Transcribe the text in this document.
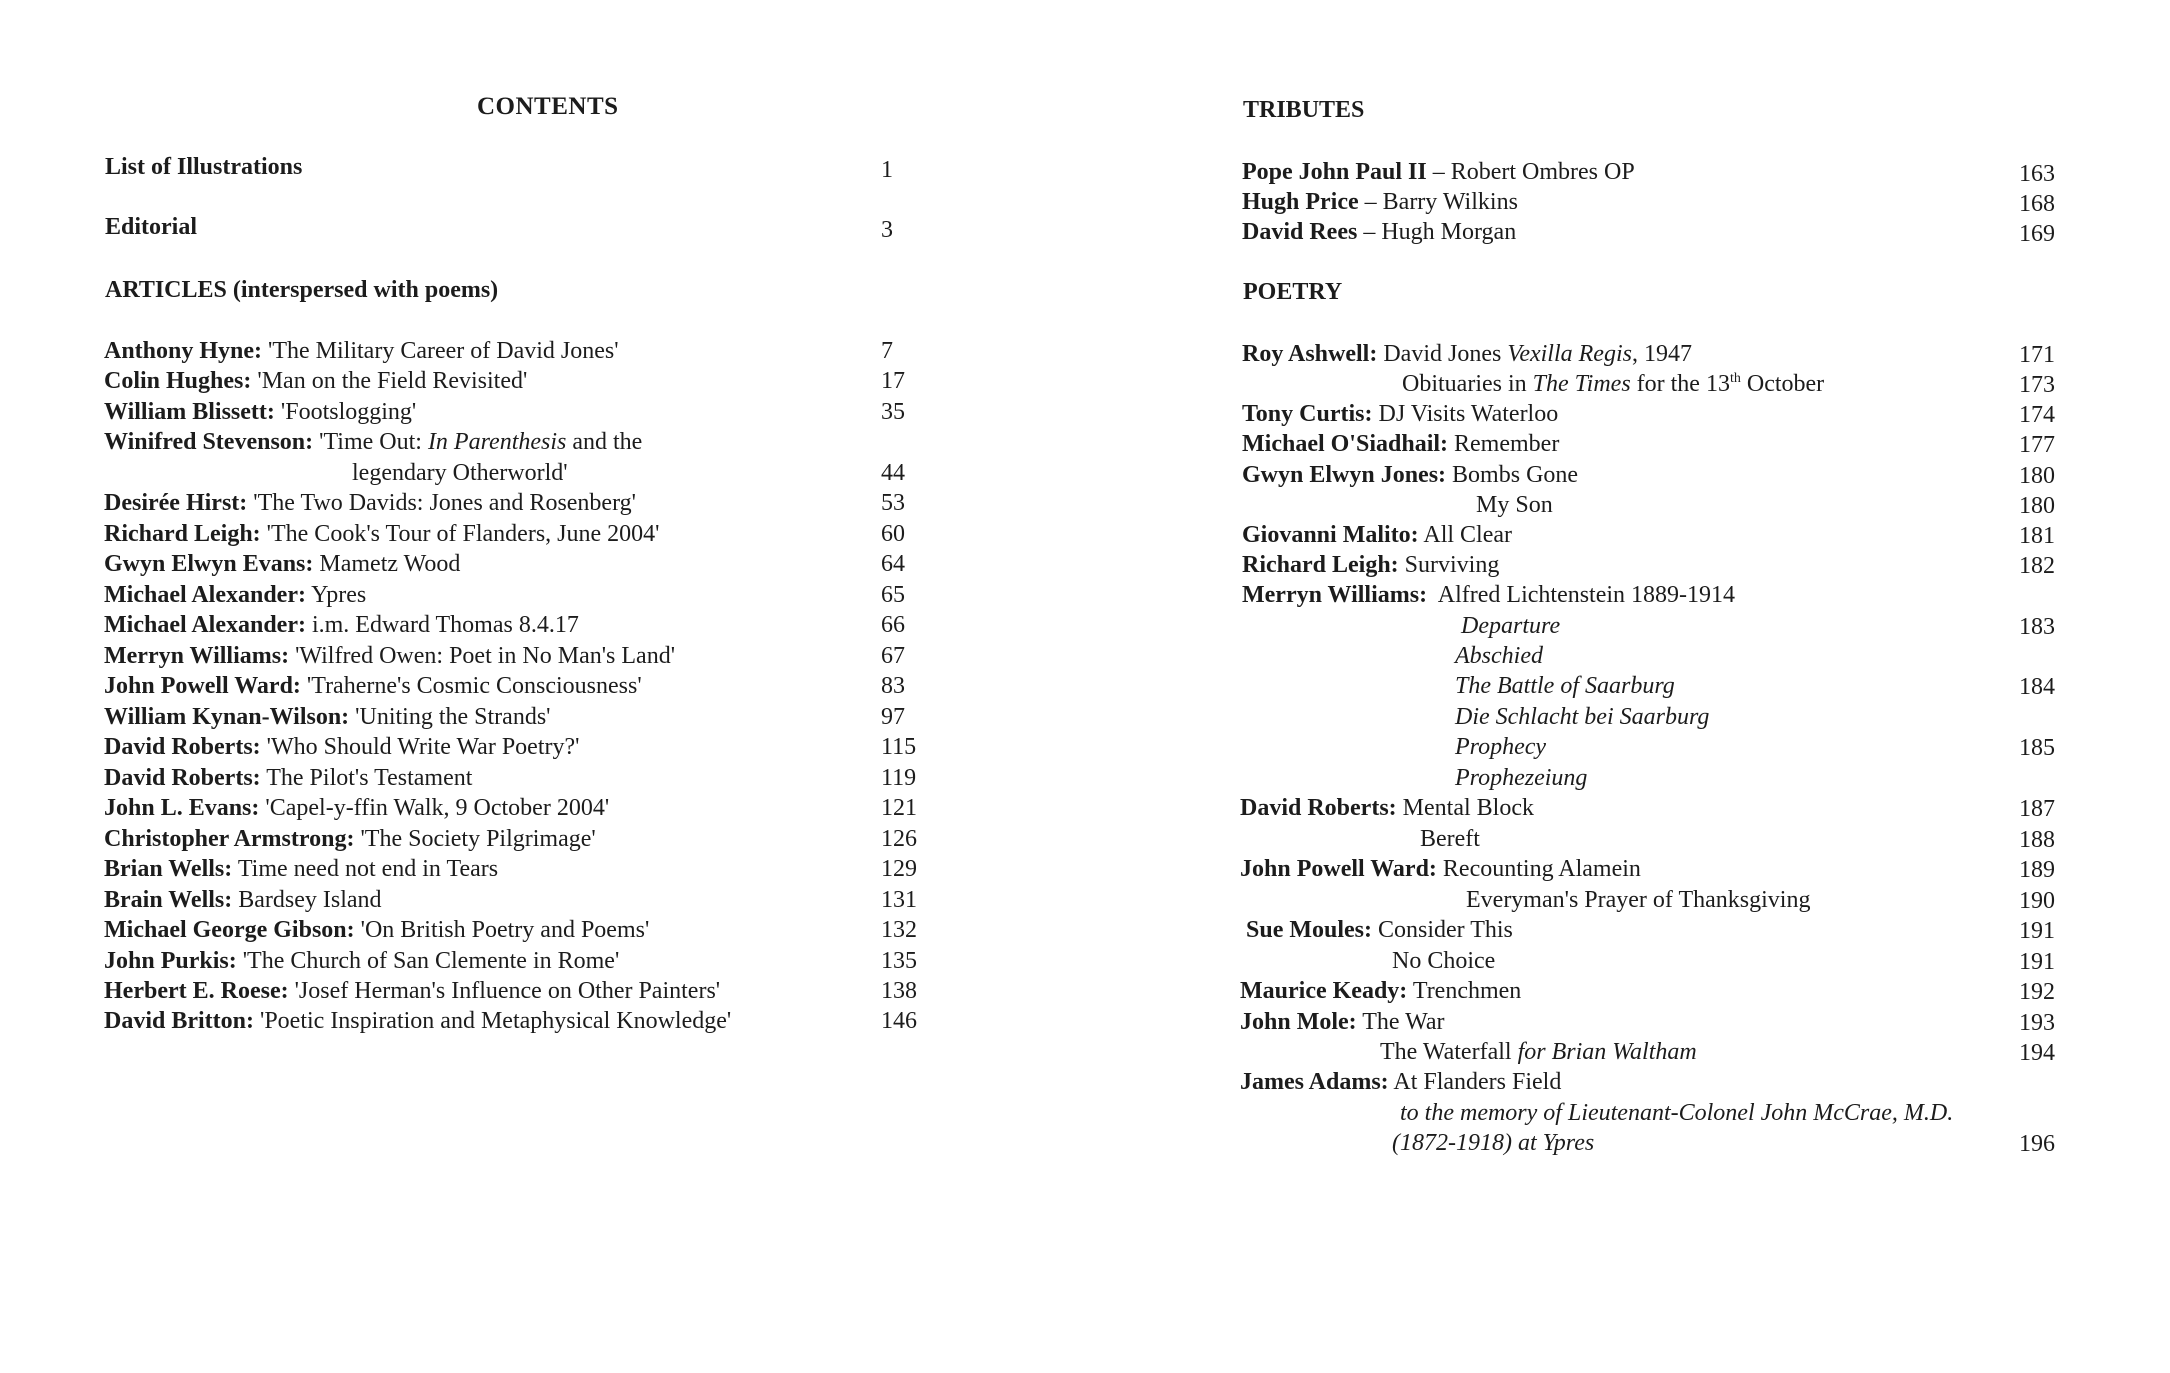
CONTENTS
List of Illustrations	1
Editorial	3
ARTICLES (interspersed with poems)
Anthony Hyne: 'The Military Career of David Jones'	7
Colin Hughes: 'Man on the Field Revisited'	17
William Blissett: 'Footslogging'	35
Winifred Stevenson: 'Time Out: In Parenthesis and the
legendary Otherworld'	44
Desirée Hirst: 'The Two Davids: Jones and Rosenberg'	53
Richard Leigh: 'The Cook's Tour of Flanders, June 2004'	60
Gwyn Elwyn Evans: Mametz Wood	64
Michael Alexander: Ypres	65
Michael Alexander: i.m. Edward Thomas 8.4.17	66
Merryn Williams: 'Wilfred Owen: Poet in No Man's Land'	67
John Powell Ward: 'Traherne's Cosmic Consciousness'	83
William Kynan-Wilson: 'Uniting the Strands'	97
David Roberts: 'Who Should Write War Poetry?'	115
David Roberts: The Pilot's Testament	119
John L. Evans: 'Capel-y-ffin Walk, 9 October 2004'	121
Christopher Armstrong: 'The Society Pilgrimage'	126
Brian Wells: Time need not end in Tears	129
Brain Wells: Bardsey Island	131
Michael George Gibson: 'On British Poetry and Poems'	132
John Purkis: 'The Church of San Clemente in Rome'	135
Herbert E. Roese: 'Josef Herman's Influence on Other Painters'	138
David Britton: 'Poetic Inspiration and Metaphysical Knowledge'	146
TRIBUTES
Pope John Paul II – Robert Ombres OP	163
Hugh Price – Barry Wilkins	168
David Rees – Hugh Morgan	169
POETRY
Roy Ashwell: David Jones Vexilla Regis, 1947	171
Obituaries in The Times for the 13th October	173
Tony Curtis: DJ Visits Waterloo	174
Michael O'Siadhail: Remember	177
Gwyn Elwyn Jones: Bombs Gone	180
My Son	180
Giovanni Malito: All Clear	181
Richard Leigh: Surviving	182
Merryn Williams: Alfred Lichtenstein 1889-1914
Departure	183
Abschied
The Battle of Saarburg	184
Die Schlacht bei Saarburg
Prophecy	185
Prophezeiung
David Roberts: Mental Block	187
Bereft	188
John Powell Ward: Recounting Alamein	189
Everyman's Prayer of Thanksgiving	190
Sue Moules: Consider This	191
No Choice	191
Maurice Keady: Trenchmen	192
John Mole: The War	193
The Waterfall for Brian Waltham	194
James Adams: At Flanders Field
to the memory of Lieutenant-Colonel John McCrae, M.D.
(1872-1918) at Ypres	196
